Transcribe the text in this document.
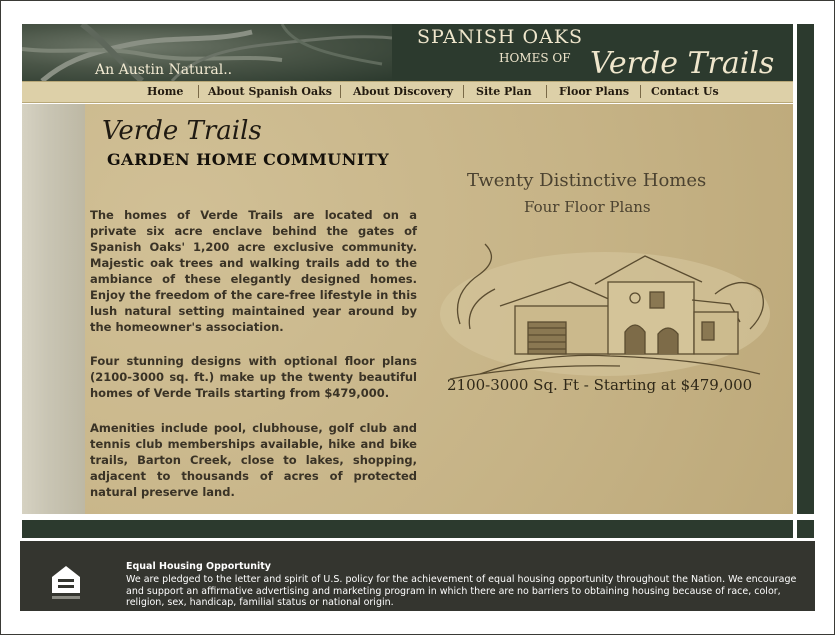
An Austin Natural..
SPANISH OAKS
HOMES OF Verde Trails
Home About Spanish Oaks About Discovery Site Plan Floor Plans Contact Us
Verde Trails
GARDEN HOME COMMUNITY

The homes of Verde Trails are located on a private six acre enclave behind the gates of Spanish Oaks' 1,200 acre exclusive community. Majestic oak trees and walking trails add to the ambiance of these elegantly designed homes. Enjoy the freedom of the care-free lifestyle in this lush natural setting maintained year around by the homeowner's association.

Four stunning designs with optional floor plans (2100-3000 sq. ft.) make up the twenty beautiful homes of Verde Trails starting from $479,000.

Amenities include pool, clubhouse, golf club and tennis club memberships available, hike and bike trails, Barton Creek, close to lakes, shopping, adjacent to thousands of acres of protected natural preserve land.

Twenty Distinctive Homes
Four Floor Plans
2100-3000 Sq. Ft - Starting at $479,000
Equal Housing Opportunity

We are pledged to the letter and spirit of U.S. policy for the achievement of equal housing opportunity throughout the Nation. We encourage and support an affirmative advertising and marketing program in which there are no barriers to obtaining housing because of race, color, religion, sex, handicap, familial status or national origin.
